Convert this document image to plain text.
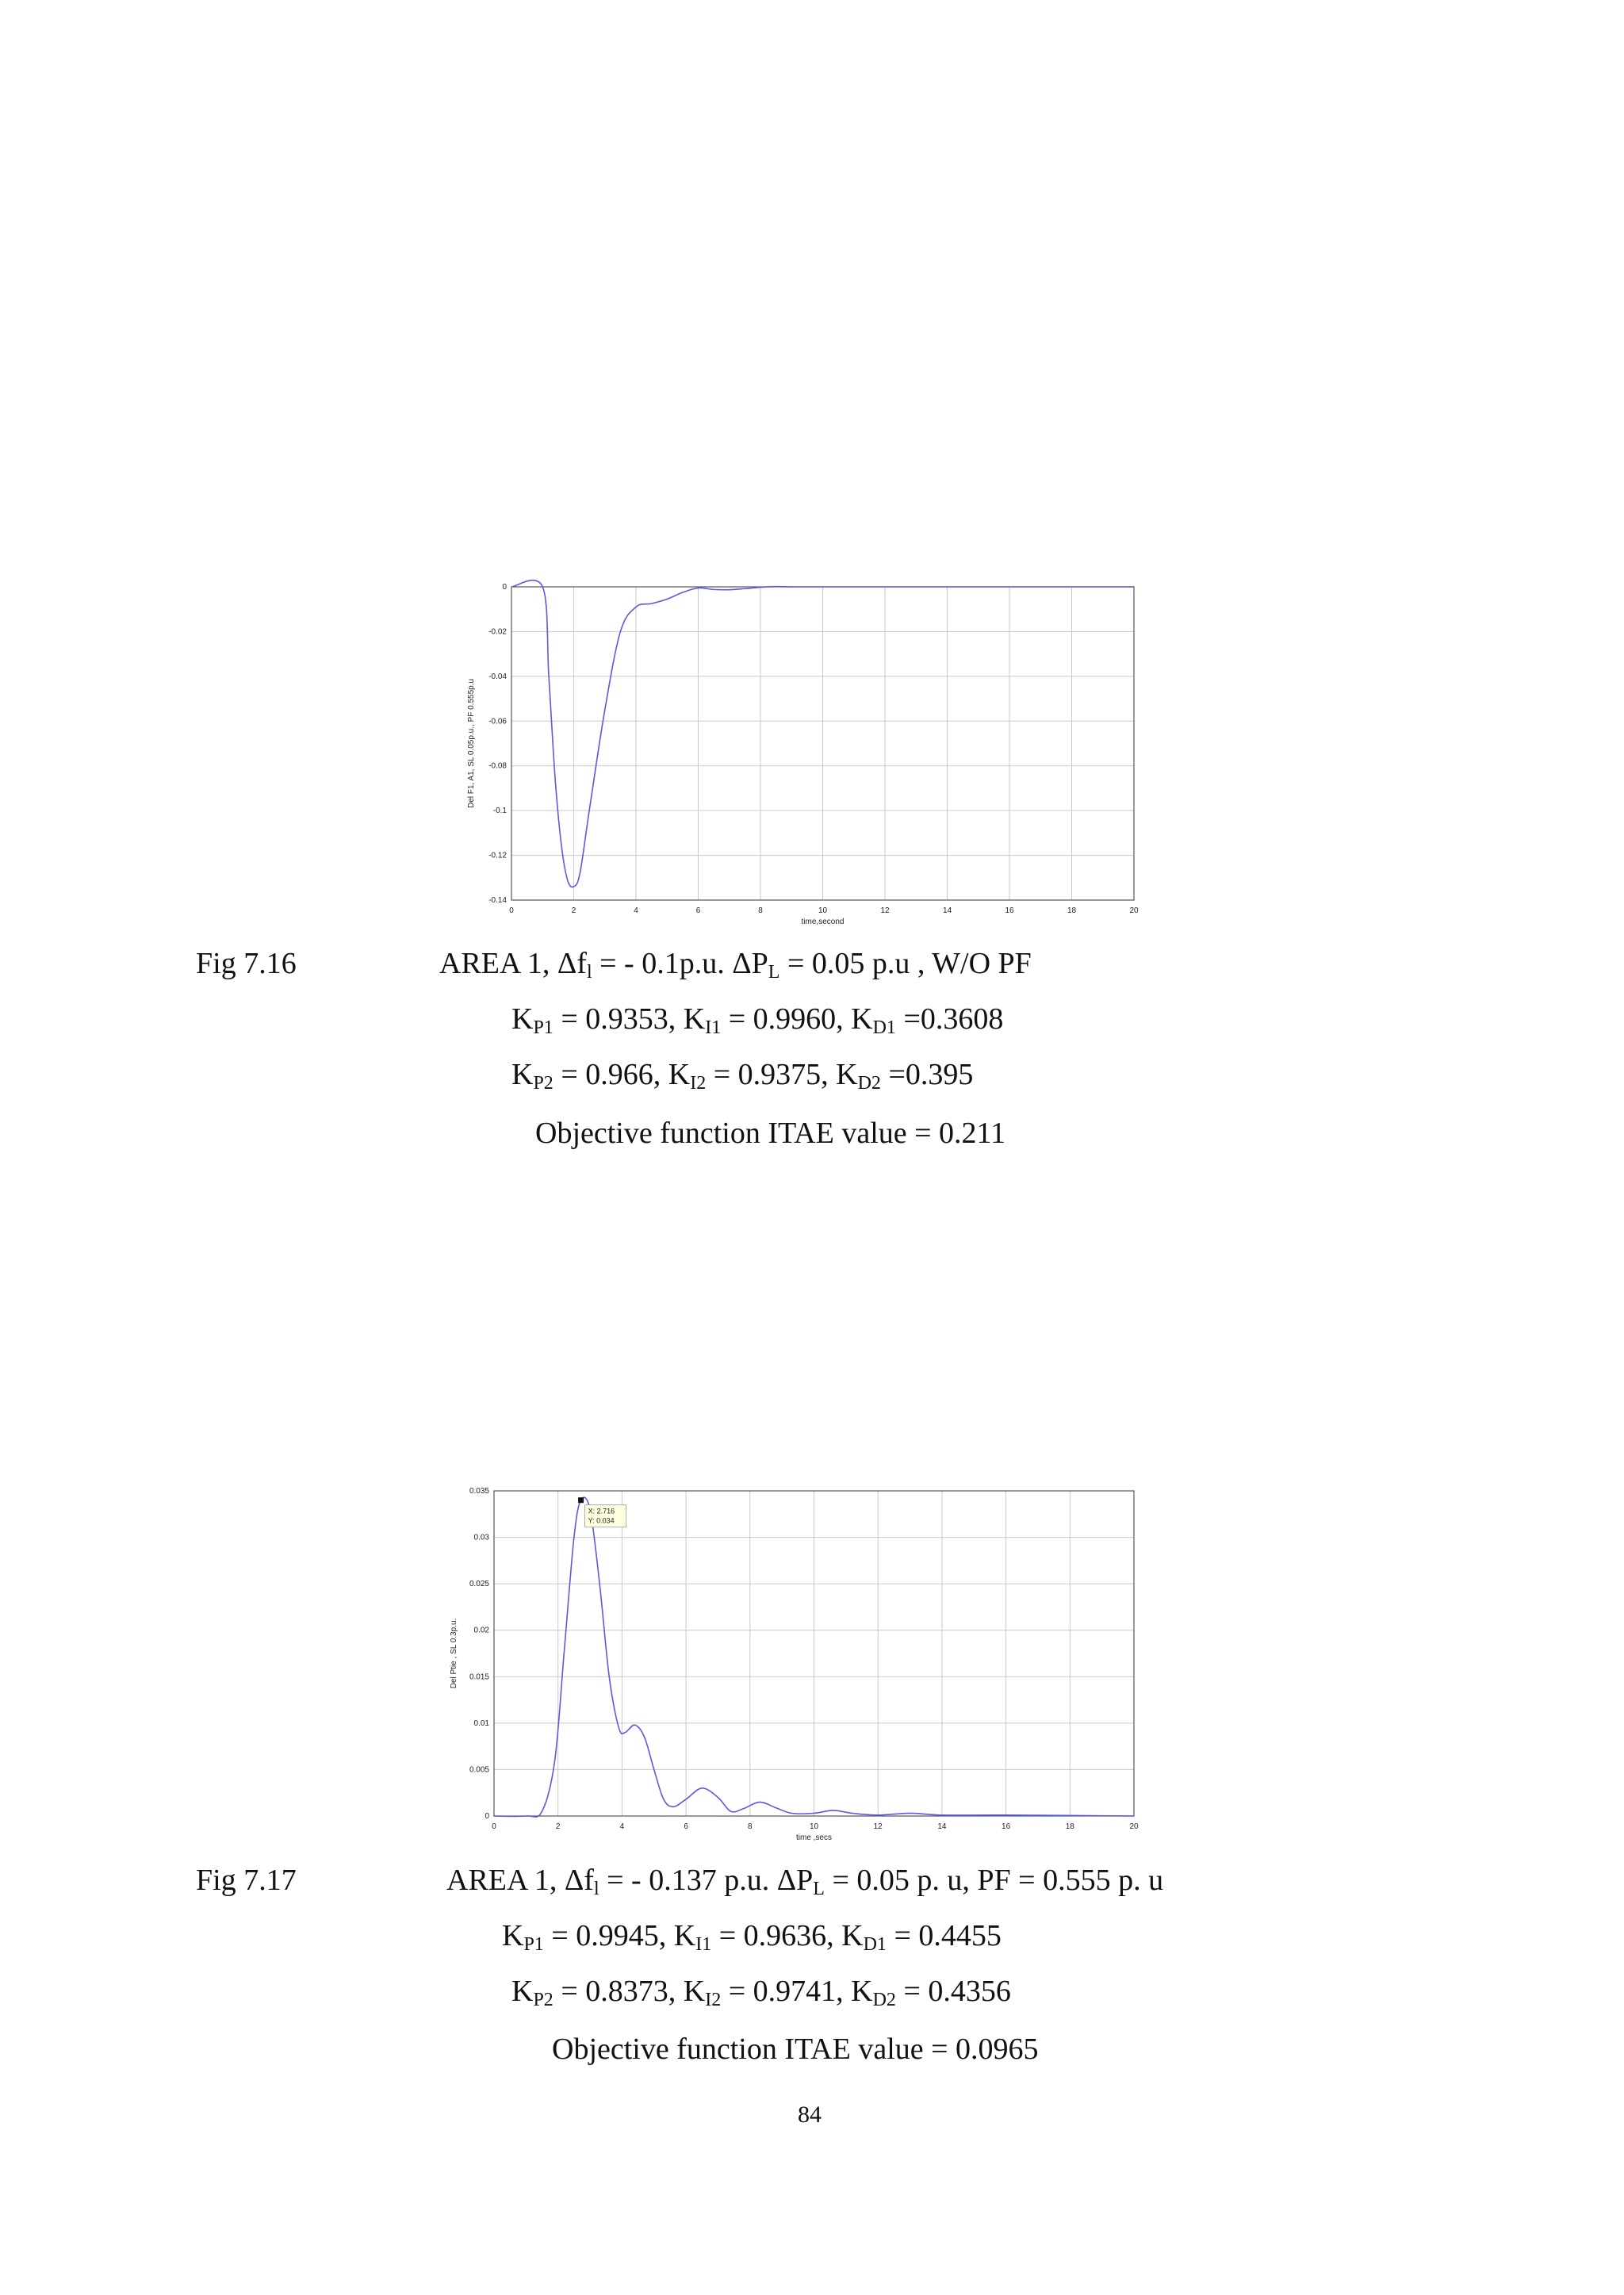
0	2	4	6	8	10	12	14	16	18	20
0
-0.02
-0.04
-0.06
-0.08
-0.1
-0.12
-0.14
time,second
Del F1, A1, SL 0.05p.u., PF 0.555p.u
Fig 7.16	AREA 1, $\Delta f_l$ = - 0.1p.u. $\Delta P_L = 0.05$ p.u , W/O PF
$K_{P1} = 0.9353$, $K_{I1} = 0.9960$, $K_{D1} =0.3608$
$K_{P2} = 0.966$, $K_{I2} = 0.9375$, $K_{D2} =0.395$
Objective function ITAE value = 0.211
0	2	4	6	8	10	12	14	16	18	20
0
0.005
0.01
0.015
0.02
0.025
0.03
0.035
time ,secs
Del Ptie , SL 0.3p.u.
X: 2.716
Y: 0.034
Fig 7.17	AREA 1, $\Delta f_l$ = - 0.137 p.u. $\Delta P_L = 0.05$ p. u, PF = 0.555 p. u
$K_{P1} = 0.9945$, $K_{I1} = 0.9636$, $K_{D1} = 0.4455$
$K_{P2} = 0.8373$, $K_{I2} = 0.9741$, $K_{D2} = 0.4356$
Objective function ITAE value = 0.0965
84
